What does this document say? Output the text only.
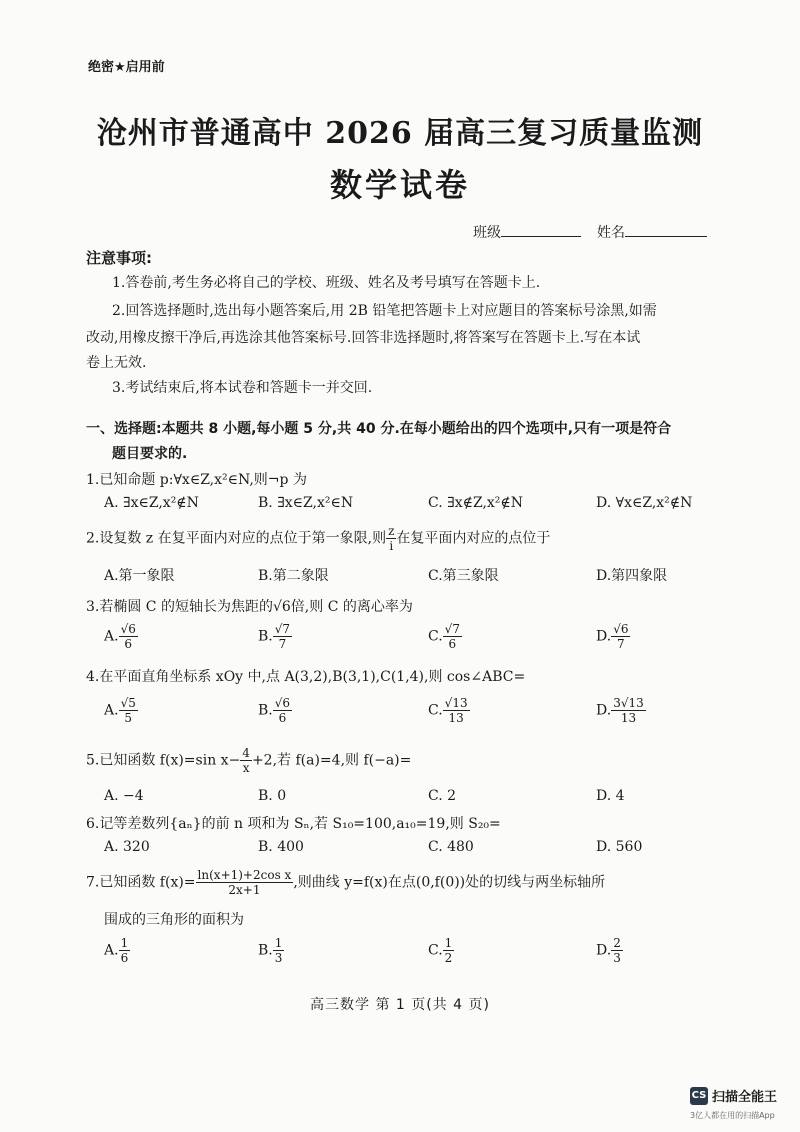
绝密★启用前
沧州市普通高中 2026 届高三复习质量监测
数学试卷
班级	姓名
注意事项:
1.答卷前,考生务必将自己的学校、班级、姓名及考号填写在答题卡上.
2.回答选择题时,选出每小题答案后,用 2B 铅笔把答题卡上对应题目的答案标号涂黑,如需
改动,用橡皮擦干净后,再选涂其他答案标号.回答非选择题时,将答案写在答题卡上.写在本试
卷上无效.
3.考试结束后,将本试卷和答题卡一并交回.
一、选择题:本题共 8 小题,每小题 5 分,共 40 分.在每小题给出的四个选项中,只有一项是符合
题目要求的.
1.已知命题 p:∀x∈Z,x²∈N,则¬p 为
A. ∃x∈Z,x²∉N	B. ∃x∈Z,x²∈N	C. ∃x∉Z,x²∉N	D. ∀x∈Z,x²∉N
2.设复数 z 在复平面内对应的点位于第一象限,则 $\frac{z}{i}$ 在复平面内对应的点位于
A.第一象限	B.第二象限	C.第三象限	D.第四象限
3.若椭圆 C 的短轴长为焦距的√6倍,则 C 的离心率为
A. $\frac{√6}{6}$	B. $\frac{√7}{7}$	C. $\frac{√7}{6}$	D. $\frac{√6}{7}$
4.在平面直角坐标系 xOy 中,点 A(3,2),B(3,1),C(1,4),则 cos∠ABC=
A. $\frac{√5}{5}$	B. $\frac{√6}{6}$	C. $\frac{√13}{13}$	D. $\frac{3√13}{13}$
5.已知函数 f(x)=sin $x- \frac{4}{x} +2$,若 f(a)=4,则 f(−a)=
A. −4	B. 0	C. 2	D. 4
6.记等差数列{aₙ}的前 n 项和为 Sₙ,若 S₁₀=100,a₁₀=19,则 S₂₀=
A. 320	B. 400	C. 480	D. 560
7.已知函数 $f(x)= \frac{\text{ln(x+1)+2cos x}}{2x+1}$ ,则曲线 y=f(x)在点(0,f(0))处的切线与两坐标轴所
围成的三角形的面积为
A. $\frac{1}{6}$	B. $\frac{1}{3}$	C. $\frac{1}{2}$	D. $\frac{2}{3}$
高三数学 第 1 页(共 4 页)
CS 扫描全能王
3亿人都在用的扫描App
